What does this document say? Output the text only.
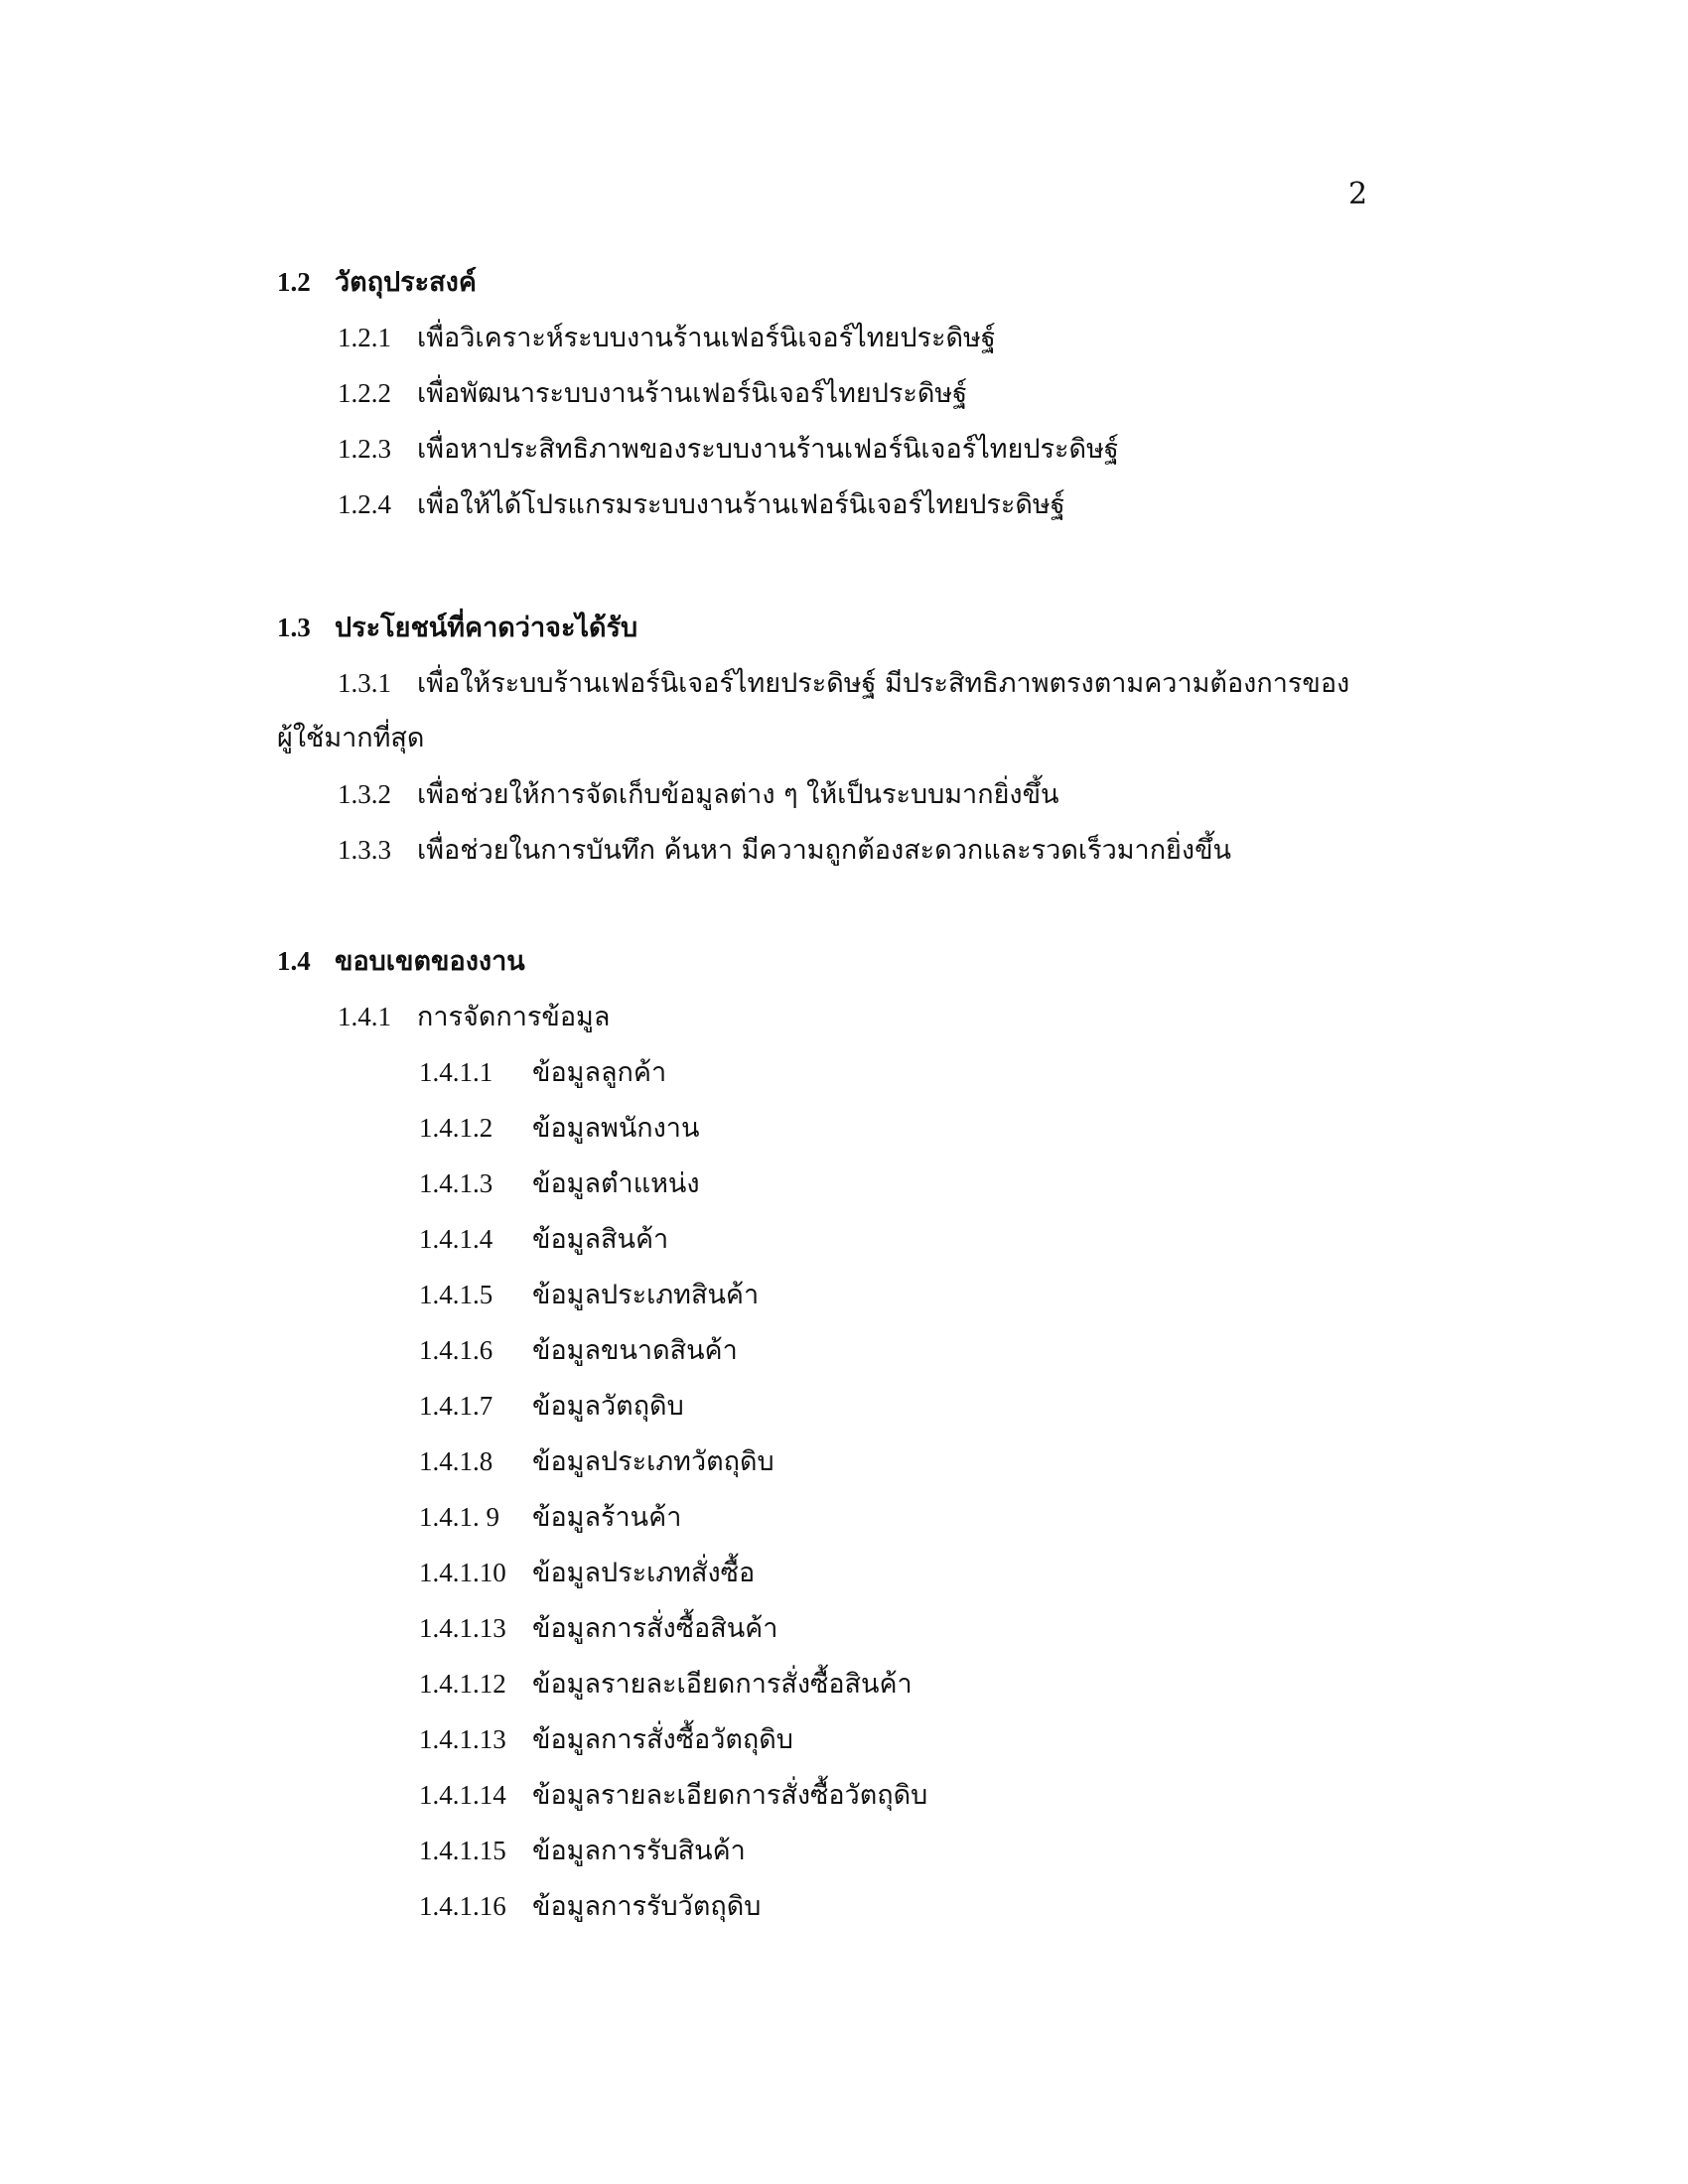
2
1.2 วัตถุประสงค์
1.2.1 เพื่อวิเคราะห์ระบบงานร้านเฟอร์นิเจอร์ไทยประดิษฐ์
1.2.2 เพื่อพัฒนาระบบงานร้านเฟอร์นิเจอร์ไทยประดิษฐ์
1.2.3 เพื่อหาประสิทธิภาพของระบบงานร้านเฟอร์นิเจอร์ไทยประดิษฐ์
1.2.4 เพื่อให้ได้โปรแกรมระบบงานร้านเฟอร์นิเจอร์ไทยประดิษฐ์
1.3 ประโยชน์ที่คาดว่าจะได้รับ
1.3.1 เพื่อให้ระบบร้านเฟอร์นิเจอร์ไทยประดิษฐ์ มีประสิทธิภาพตรงตามความต้องการของ
ผู้ใช้มากที่สุด
1.3.2 เพื่อช่วยให้การจัดเก็บข้อมูลต่าง ๆ ให้เป็นระบบมากยิ่งขึ้น
1.3.3 เพื่อช่วยในการบันทึก ค้นหา มีความถูกต้องสะดวกและรวดเร็วมากยิ่งขึ้น
1.4 ขอบเขตของงาน
1.4.1 การจัดการข้อมูล
1.4.1.1 ข้อมูลลูกค้า
1.4.1.2 ข้อมูลพนักงาน
1.4.1.3 ข้อมูลตำแหน่ง
1.4.1.4 ข้อมูลสินค้า
1.4.1.5 ข้อมูลประเภทสินค้า
1.4.1.6 ข้อมูลขนาดสินค้า
1.4.1.7 ข้อมูลวัตถุดิบ
1.4.1.8 ข้อมูลประเภทวัตถุดิบ
1.4.1. 9 ข้อมูลร้านค้า
1.4.1.10 ข้อมูลประเภทสั่งซื้อ
1.4.1.13 ข้อมูลการสั่งซื้อสินค้า
1.4.1.12 ข้อมูลรายละเอียดการสั่งซื้อสินค้า
1.4.1.13 ข้อมูลการสั่งซื้อวัตถุดิบ
1.4.1.14 ข้อมูลรายละเอียดการสั่งซื้อวัตถุดิบ
1.4.1.15 ข้อมูลการรับสินค้า
1.4.1.16 ข้อมูลการรับวัตถุดิบ
